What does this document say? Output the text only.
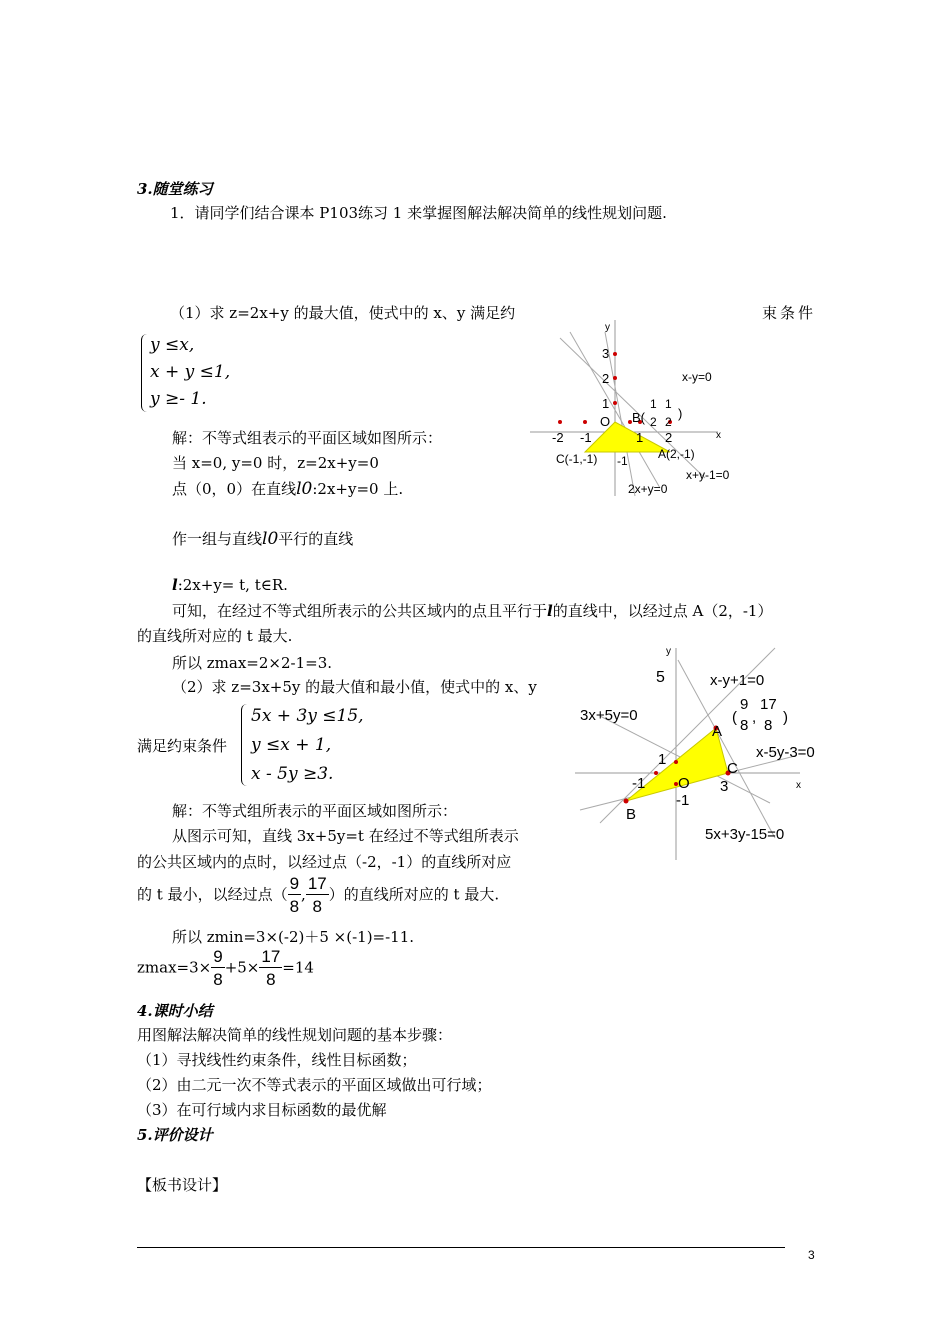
3.随堂练习
1．请同学们结合课本 P103练习 1 来掌握图解法解决简单的线性规划问题.
（1）求 z=2x+y 的最大值，使式中的 x、y 满足约	束条件
y ≤x,
x + y ≤1,
y ≥- 1.
解：不等式组表示的平面区域如图所示：
当 x=0, y=0 时，z=2x+y=0
点（0，0）在直线l0:2x+y=0 上.
作一组与直线l0平行的直线
l:2x+y= t, t∈R.
可知，在经过不等式组所表示的公共区域内的点且平行于l的直线中，以经过点 A（2，-1）
的直线所对应的 t 最大.
所以 zmax=2×2-1=3.
（2）求 z=3x+5y 的最大值和最小值，使式中的 x、y
满足约束条件
5x + 3y ≤15,
y ≤x + 1,
x - 5y ≥3.
解：不等式组所表示的平面区域如图所示：
从图示可知，直线 3x+5y=t 在经过不等式组所表示
的公共区域内的点时，以经过点（-2，-1）的直线所对应
的 t 最小，以经过点（ $\frac{9}{8}$ , $\frac{17}{8}$ ）的直线所对应的 t 最大.
所以 zmin=3×(-2)＋5 ×(-1)=-11.
$zmax=3\times \frac{9}{8} +5\times \frac{17}{8} =14$
4.课时小结
用图解法解决简单的线性规划问题的基本步骤：
（1）寻找线性约束条件，线性目标函数；
（2）由二元一次不等式表示的平面区域做出可行域；
（3）在可行域内求目标函数的最优解
5.评价设计
【板书设计】
3
y
x
3
2
1
O B(
1 1
2 2
)
x-y=0
-2 -1	1 2
C(-1,-1) -1	A(2,-1)
x+y-1=0
2x+y=0
y
x
5	x-y+1=0
9 17
8 8
( , )
3x+5y=0
A
x-5y-3=0
1
C
-1 O 3
-1
B
5x+3y-15=0
